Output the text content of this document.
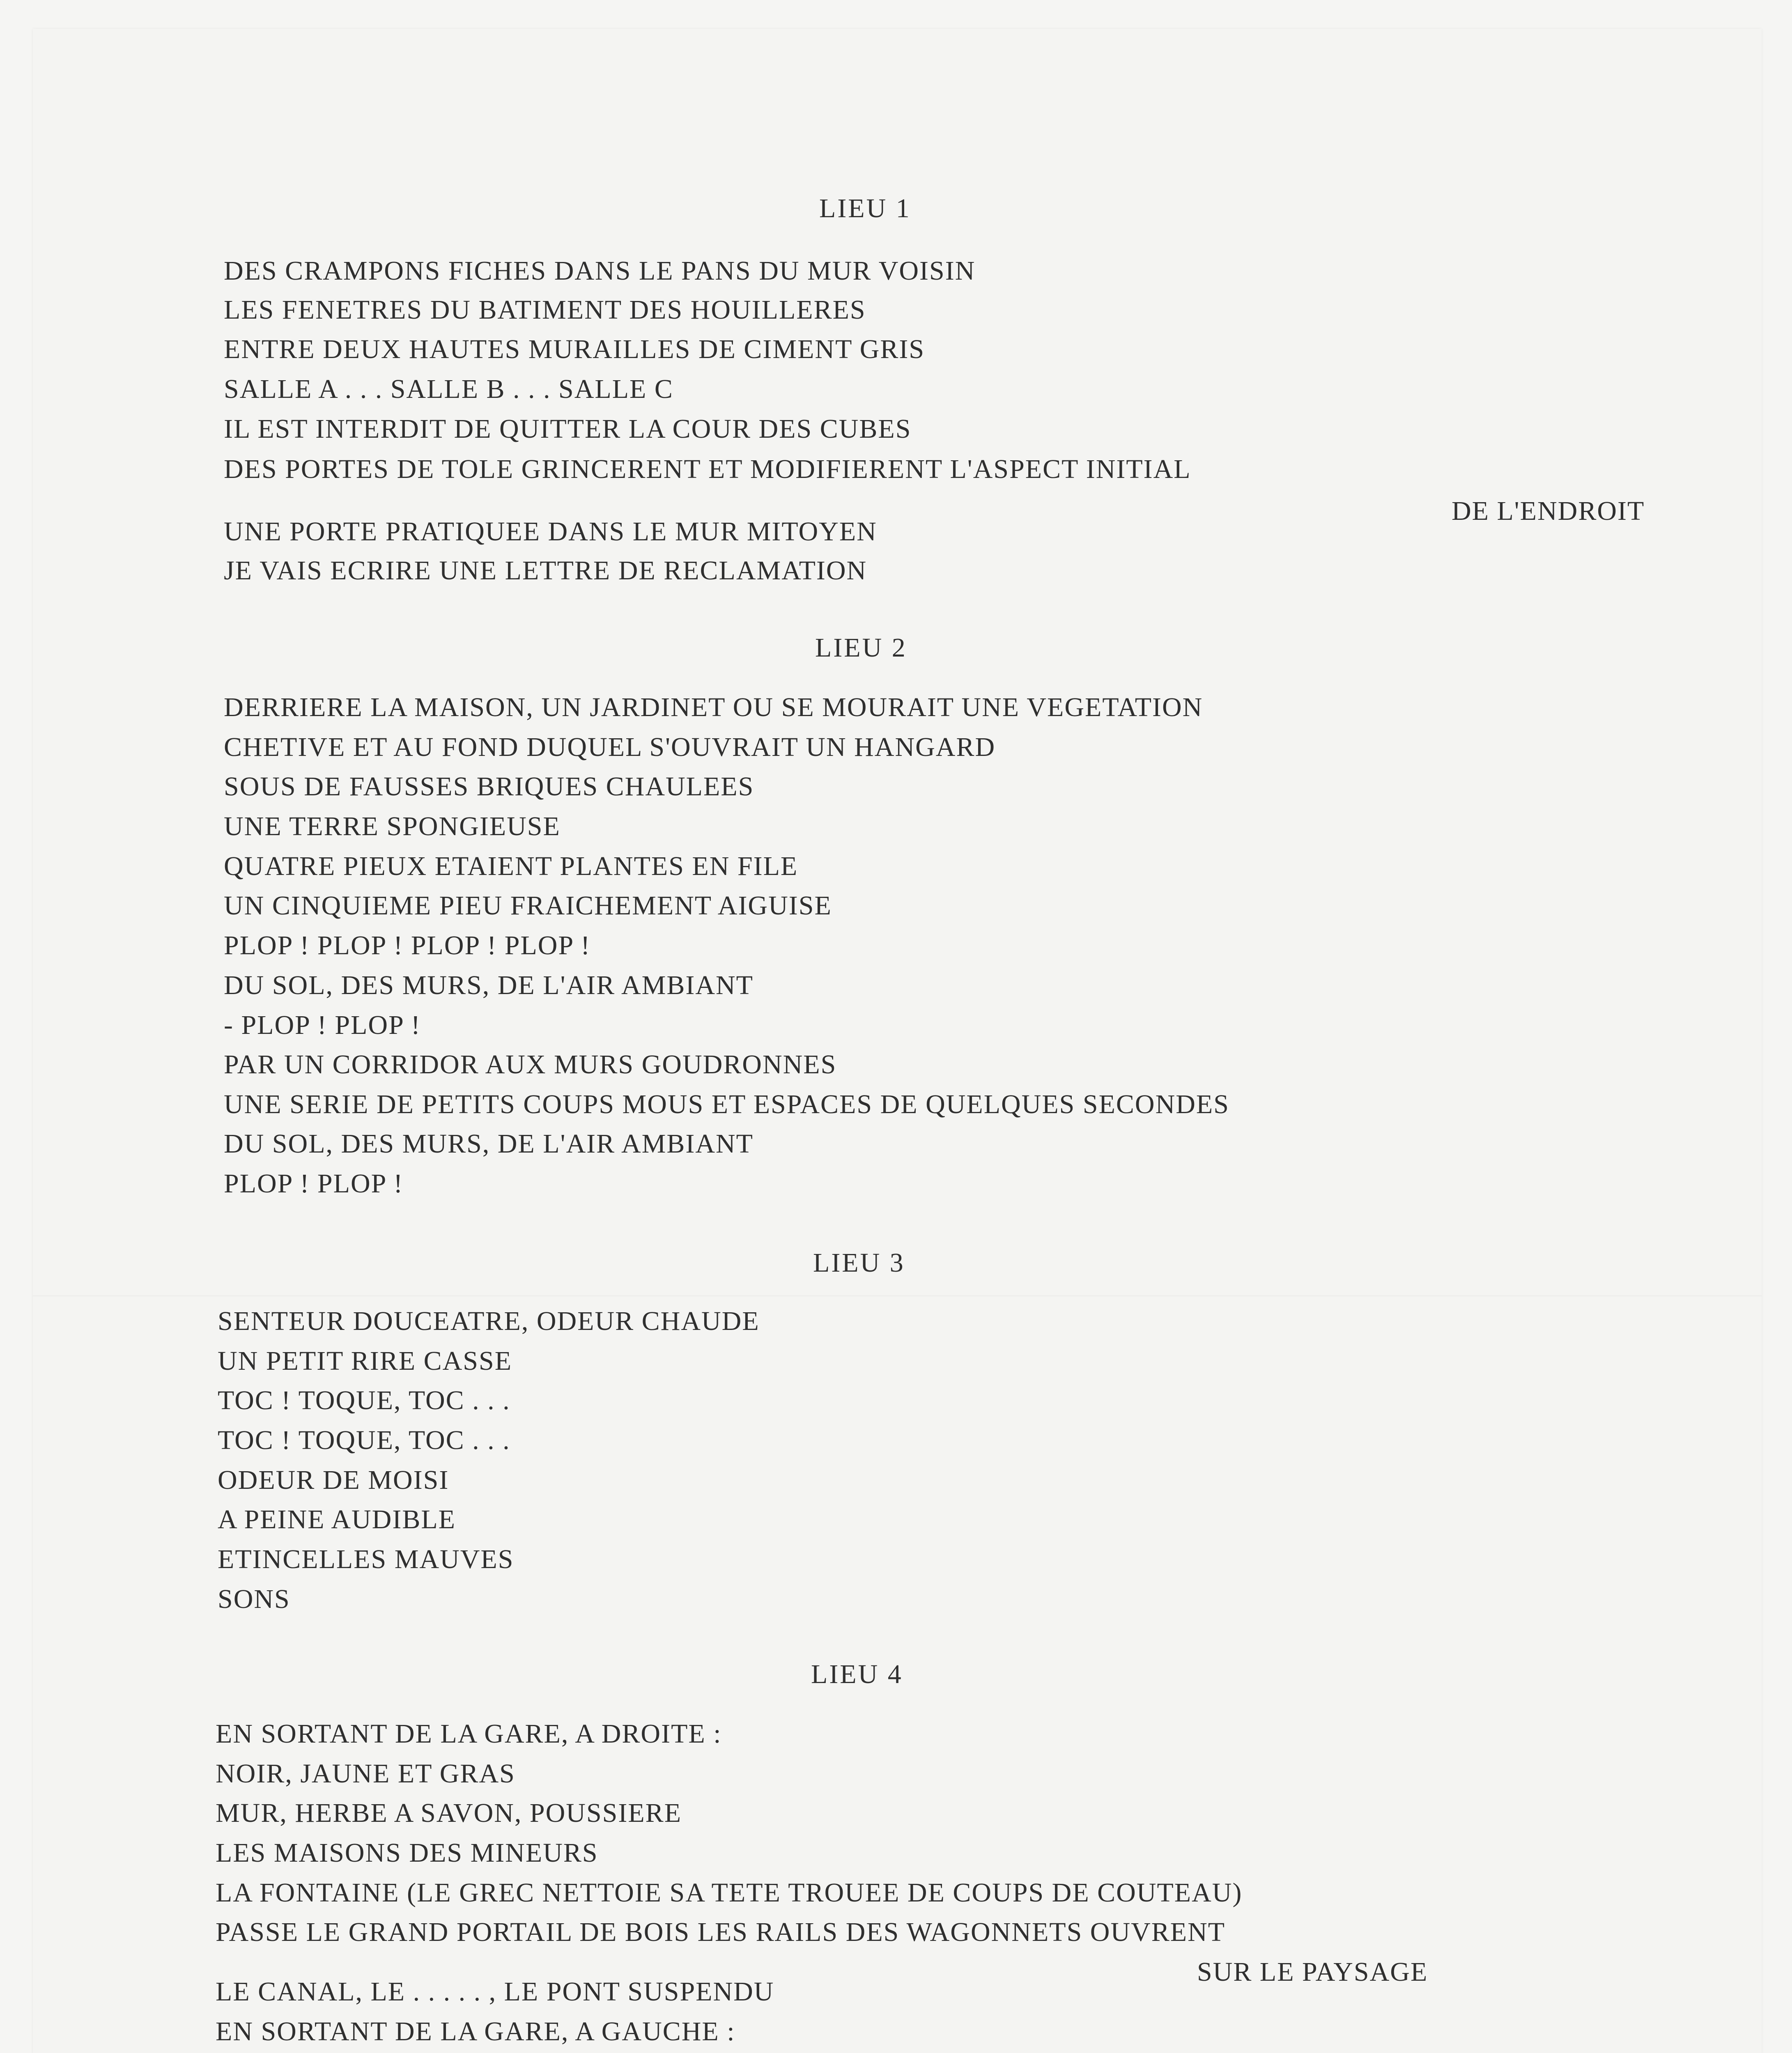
LIEU 1
DES CRAMPONS FICHES DANS LE PANS DU MUR VOISIN
LES FENETRES DU BATIMENT DES HOUILLERES
ENTRE DEUX HAUTES MURAILLES DE CIMENT GRIS
SALLE A . . . SALLE B . . . SALLE C
IL EST INTERDIT DE QUITTER LA COUR DES CUBES
DES PORTES DE TOLE GRINCERENT ET MODIFIERENT L'ASPECT INITIAL
DE L'ENDROIT
UNE PORTE PRATIQUEE DANS LE MUR MITOYEN
JE VAIS ECRIRE UNE LETTRE DE RECLAMATION
LIEU 2
DERRIERE LA MAISON, UN JARDINET OU SE MOURAIT UNE VEGETATION
CHETIVE ET AU FOND DUQUEL S'OUVRAIT UN HANGARD
SOUS DE FAUSSES BRIQUES CHAULEES
UNE TERRE SPONGIEUSE
QUATRE PIEUX ETAIENT PLANTES EN FILE
UN CINQUIEME PIEU FRAICHEMENT AIGUISE
PLOP ! PLOP ! PLOP ! PLOP !
DU SOL, DES MURS, DE L'AIR AMBIANT
- PLOP ! PLOP !
PAR UN CORRIDOR AUX MURS GOUDRONNES
UNE SERIE DE PETITS COUPS MOUS ET ESPACES DE QUELQUES SECONDES
DU SOL, DES MURS, DE L'AIR AMBIANT
PLOP ! PLOP !
LIEU 3
SENTEUR DOUCEATRE, ODEUR CHAUDE
UN PETIT RIRE CASSE
TOC ! TOQUE, TOC . . .
TOC ! TOQUE, TOC . . .
ODEUR DE MOISI
A PEINE AUDIBLE
ETINCELLES MAUVES
SONS
LIEU 4
EN SORTANT DE LA GARE, A DROITE :
NOIR, JAUNE ET GRAS
MUR, HERBE A SAVON, POUSSIERE
LES MAISONS DES MINEURS
LA FONTAINE (LE GREC NETTOIE SA TETE TROUEE DE COUPS DE COUTEAU)
PASSE LE GRAND PORTAIL DE BOIS LES RAILS DES WAGONNETS OUVRENT
SUR LE PAYSAGE
LE CANAL, LE . . . . . , LE PONT SUSPENDU
EN SORTANT DE LA GARE, A GAUCHE :
